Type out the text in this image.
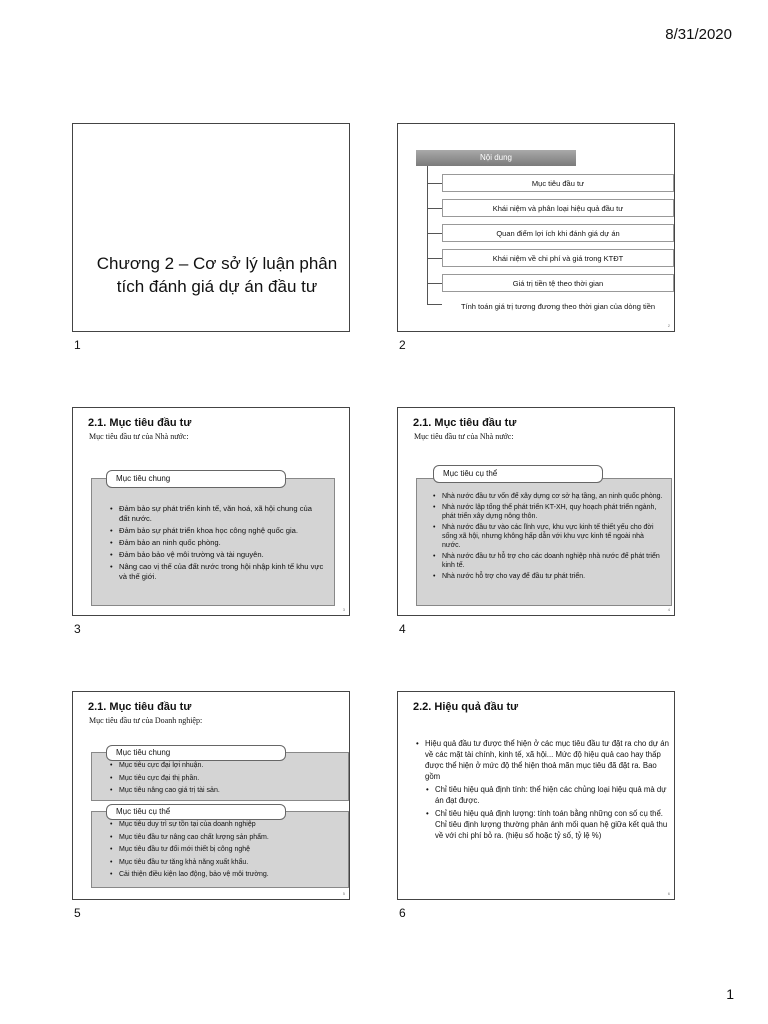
8/31/2020
Chương 2 – Cơ sở lý luận phân tích đánh giá dự án đầu tư
1
Nội dung
Mục tiêu đầu tư
Khái niệm và phân loại hiệu quả đầu tư
Quan điểm lợi ích khi đánh giá dự án
Khái niệm về chi phí và giá trong KTĐT
Giá trị tiền tệ theo thời gian
Tính toán giá trị tương đương theo thời gian của dòng tiền
2
2
2.1. Mục tiêu đầu tư
Mục tiêu đầu tư của Nhà nước:
• Đảm bảo sự phát triển kinh tế, văn hoá, xã hội chung của đất nước.
• Đảm bảo sự phát triển khoa học công nghệ quốc gia.
• Đảm bảo an ninh quốc phòng.
• Đảm bảo bảo vệ môi trường và tài nguyên.
• Nâng cao vị thế của đất nước trong hội nhập kinh tế khu vực và thế giới.
Mục tiêu chung
3
3
2.1. Mục tiêu đầu tư
Mục tiêu đầu tư của Nhà nước:
• Nhà nước đầu tư vốn để xây dựng cơ sở hạ tầng, an ninh quốc phòng.
• Nhà nước lập tổng thể phát triển KT-XH, quy hoạch phát triển ngành, phát triển xây dựng nông thôn.
• Nhà nước đầu tư vào các lĩnh vực, khu vực kinh tế thiết yếu cho đời sống xã hội, nhưng không hấp dẫn với khu vực kinh tế ngoài nhà nước.
• Nhà nước đầu tư hỗ trợ cho các doanh nghiệp nhà nước để phát triển kinh tế.
• Nhà nước hỗ trợ cho vay để đầu tư phát triển.
Mục tiêu cụ thể
4
4
2.1. Mục tiêu đầu tư
Mục tiêu đầu tư của Doanh nghiệp:
• Mục tiêu cực đại lợi nhuận.
• Mục tiêu cực đại thị phần.
• Mục tiêu nâng cao giá trị tài sản.
Mục tiêu chung
• Mục tiêu duy trì sự tồn tại của doanh nghiệp
• Mục tiêu đầu tư nâng cao chất lượng sản phẩm.
• Mục tiêu đầu tư đổi mới thiết bị công nghệ
• Mục tiêu đầu tư tăng khả năng xuất khẩu.
• Cải thiện điều kiện lao động, bảo vệ môi trường.
Mục tiêu cụ thể
5
5
2.2. Hiệu quả đầu tư
• Hiệu quả đầu tư được thể hiện ở các mục tiêu đầu tư đặt ra cho dự án về các mặt tài chính, kinh tế, xã hội... Mức độ hiệu quả cao hay thấp được thể hiện ở mức độ thể hiện thoả mãn mục tiêu đã đặt ra. Bao gồm
• Chỉ tiêu hiệu quả định tính: thể hiện các chủng loại hiệu quả mà dự án đạt được.
• Chỉ tiêu hiệu quả định lượng: tính toán bằng những con số cụ thể. Chỉ tiêu định lượng thường phản ánh mối quan hệ giữa kết quả thu về với chi phí bỏ ra. (hiệu số hoặc tỷ số, tỷ lệ %)
6
6
1
